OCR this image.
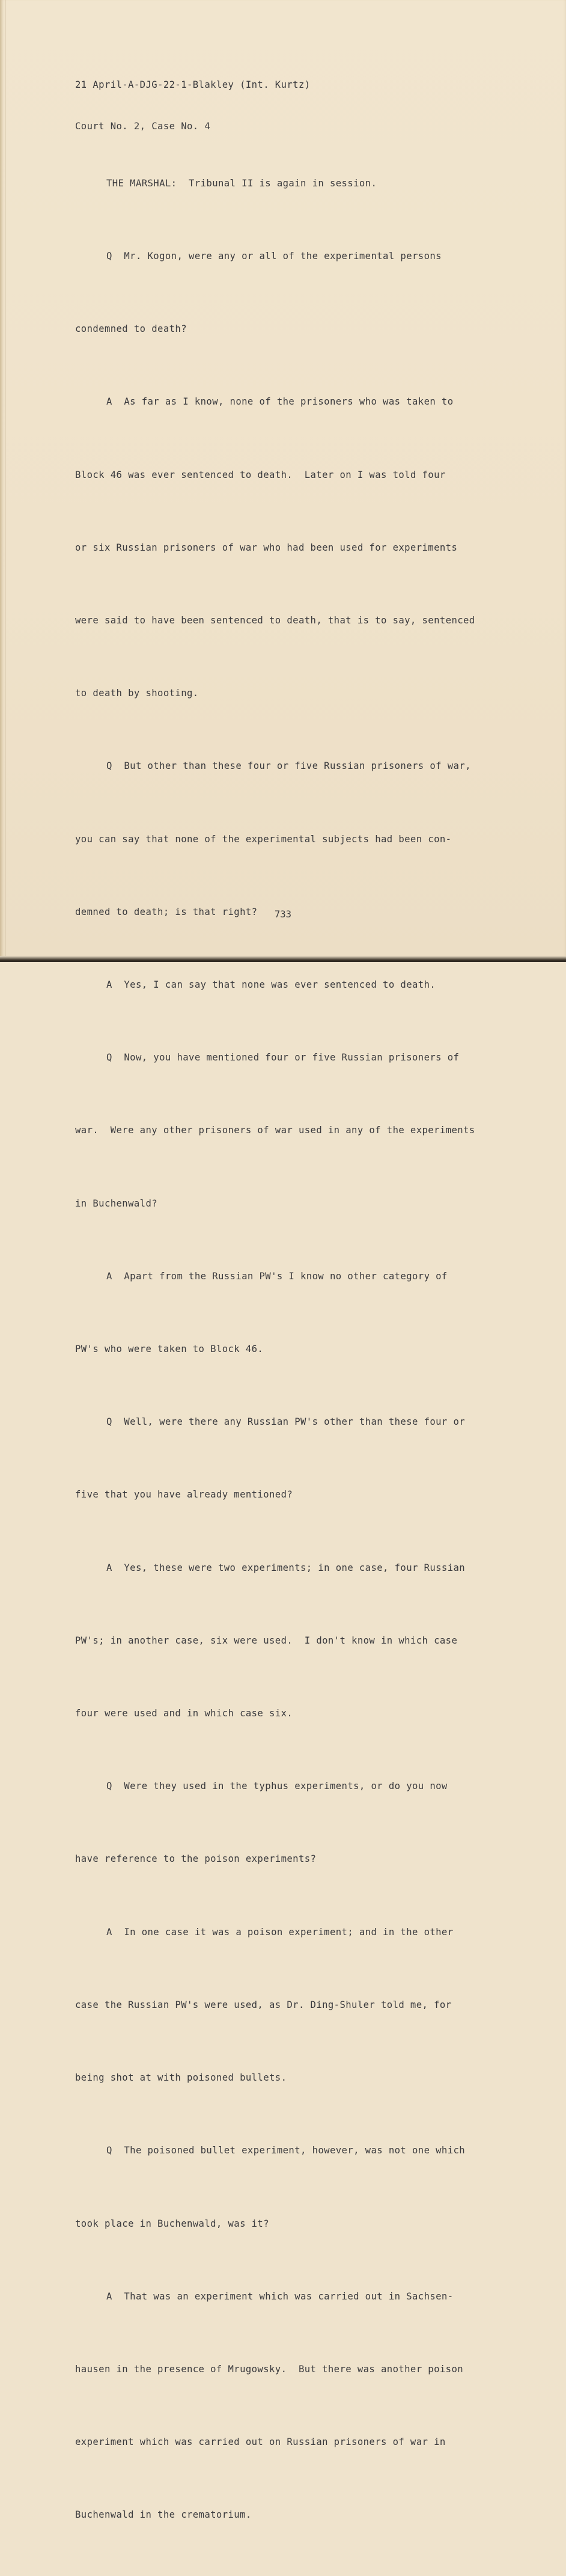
21 April-A-DJG-22-1-Blakley (Int. Kurtz)

Court No. 2, Case No. 4

THE MARSHAL:  Tribunal II is again in session.

Q  Mr. Kogon, were any or all of the experimental persons

condemned to death?

A  As far as I know, none of the prisoners who was taken to

Block 46 was ever sentenced to death.  Later on I was told four

or six Russian prisoners of war who had been used for experiments

were said to have been sentenced to death, that is to say, sentenced

to death by shooting.

Q  But other than these four or five Russian prisoners of war,

you can say that none of the experimental subjects had been con-

demned to death; is that right?

A  Yes, I can say that none was ever sentenced to death.

Q  Now, you have mentioned four or five Russian prisoners of

war.  Were any other prisoners of war used in any of the experiments

in Buchenwald?

A  Apart from the Russian PW's I know no other category of

PW's who were taken to Block 46.

Q  Well, were there any Russian PW's other than these four or

five that you have already mentioned?

A  Yes, these were two experiments; in one case, four Russian

PW's; in another case, six were used.  I don't know in which case

four were used and in which case six.

Q  Were they used in the typhus experiments, or do you now

have reference to the poison experiments?

A  In one case it was a poison experiment; and in the other

case the Russian PW's were used, as Dr. Ding-Shuler told me, for

being shot at with poisoned bullets.

Q  The poisoned bullet experiment, however, was not one which

took place in Buchenwald, was it?

A  That was an experiment which was carried out in Sachsen-

hausen in the presence of Mrugowsky.  But there was another poison

experiment which was carried out on Russian prisoners of war in

Buchenwald in the crematorium.

733
